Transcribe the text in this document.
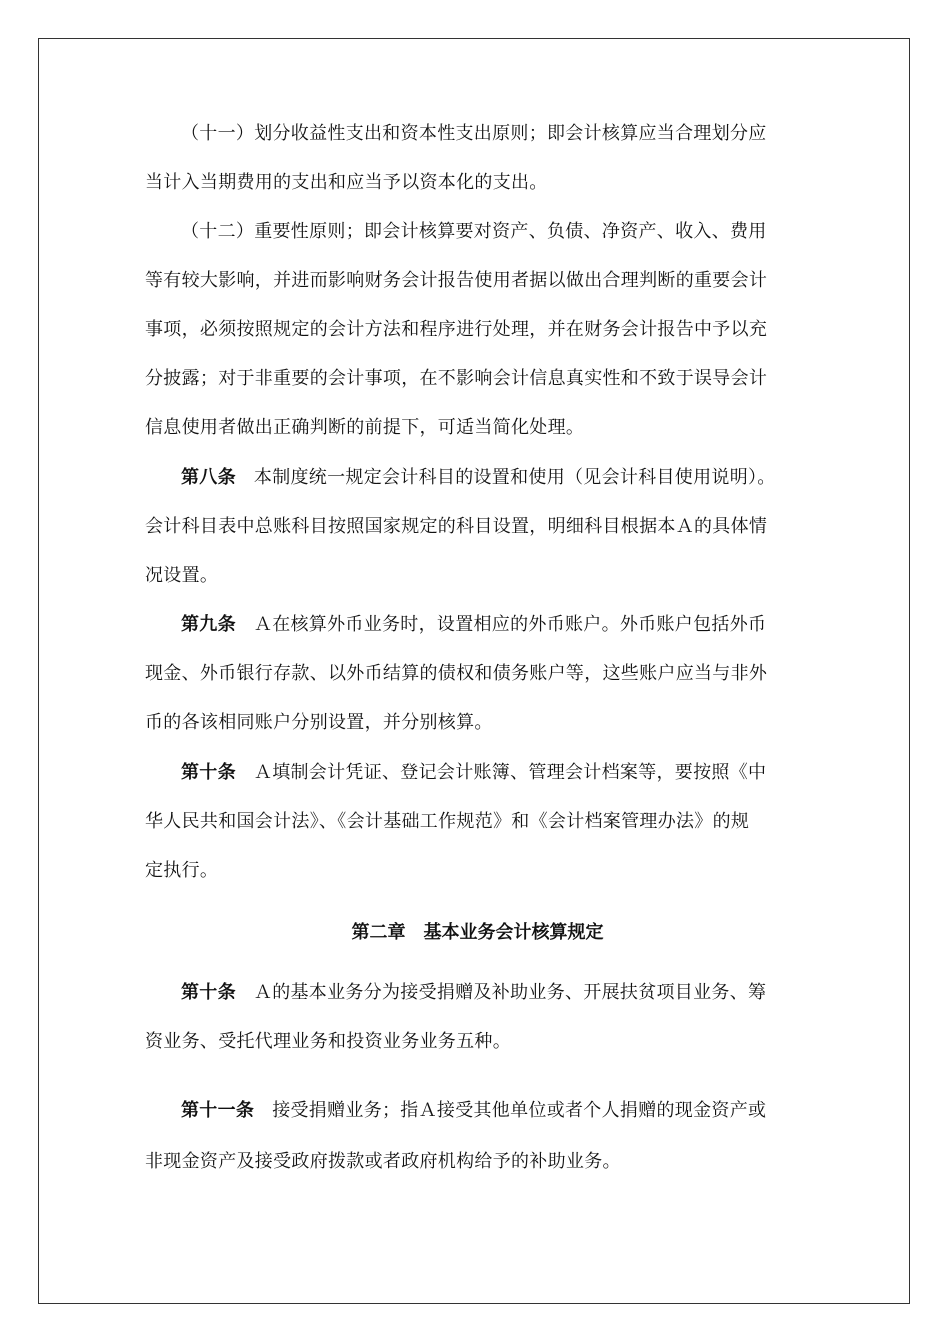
（十一）划分收益性支出和资本性支出原则；即会计核算应当合理划分应
当计入当期费用的支出和应当予以资本化的支出。
（十二）重要性原则；即会计核算要对资产、负债、净资产、收入、费用
等有较大影响，并进而影响财务会计报告使用者据以做出合理判断的重要会计
事项，必须按照规定的会计方法和程序进行处理，并在财务会计报告中予以充
分披露；对于非重要的会计事项，在不影响会计信息真实性和不致于误导会计
信息使用者做出正确判断的前提下，可适当简化处理。
第八条 本制度统一规定会计科目的设置和使用（见会计科目使用说明）。
会计科目表中总账科目按照国家规定的科目设置，明细科目根据本Ａ的具体情
况设置。
第九条 Ａ在核算外币业务时，设置相应的外币账户。外币账户包括外币
现金、外币银行存款、以外币结算的债权和债务账户等，这些账户应当与非外
币的各该相同账户分别设置，并分别核算。
第十条 Ａ填制会计凭证、登记会计账簿、管理会计档案等，要按照《中
华人民共和国会计法》、《会计基础工作规范》和《会计档案管理办法》的规
定执行。
第二章　基本业务会计核算规定
第十条 Ａ的基本业务分为接受捐赠及补助业务、开展扶贫项目业务、筹
资业务、受托代理业务和投资业务业务五种。
第十一条 接受捐赠业务；指Ａ接受其他单位或者个人捐赠的现金资产或
非现金资产及接受政府拨款或者政府机构给予的补助业务。
